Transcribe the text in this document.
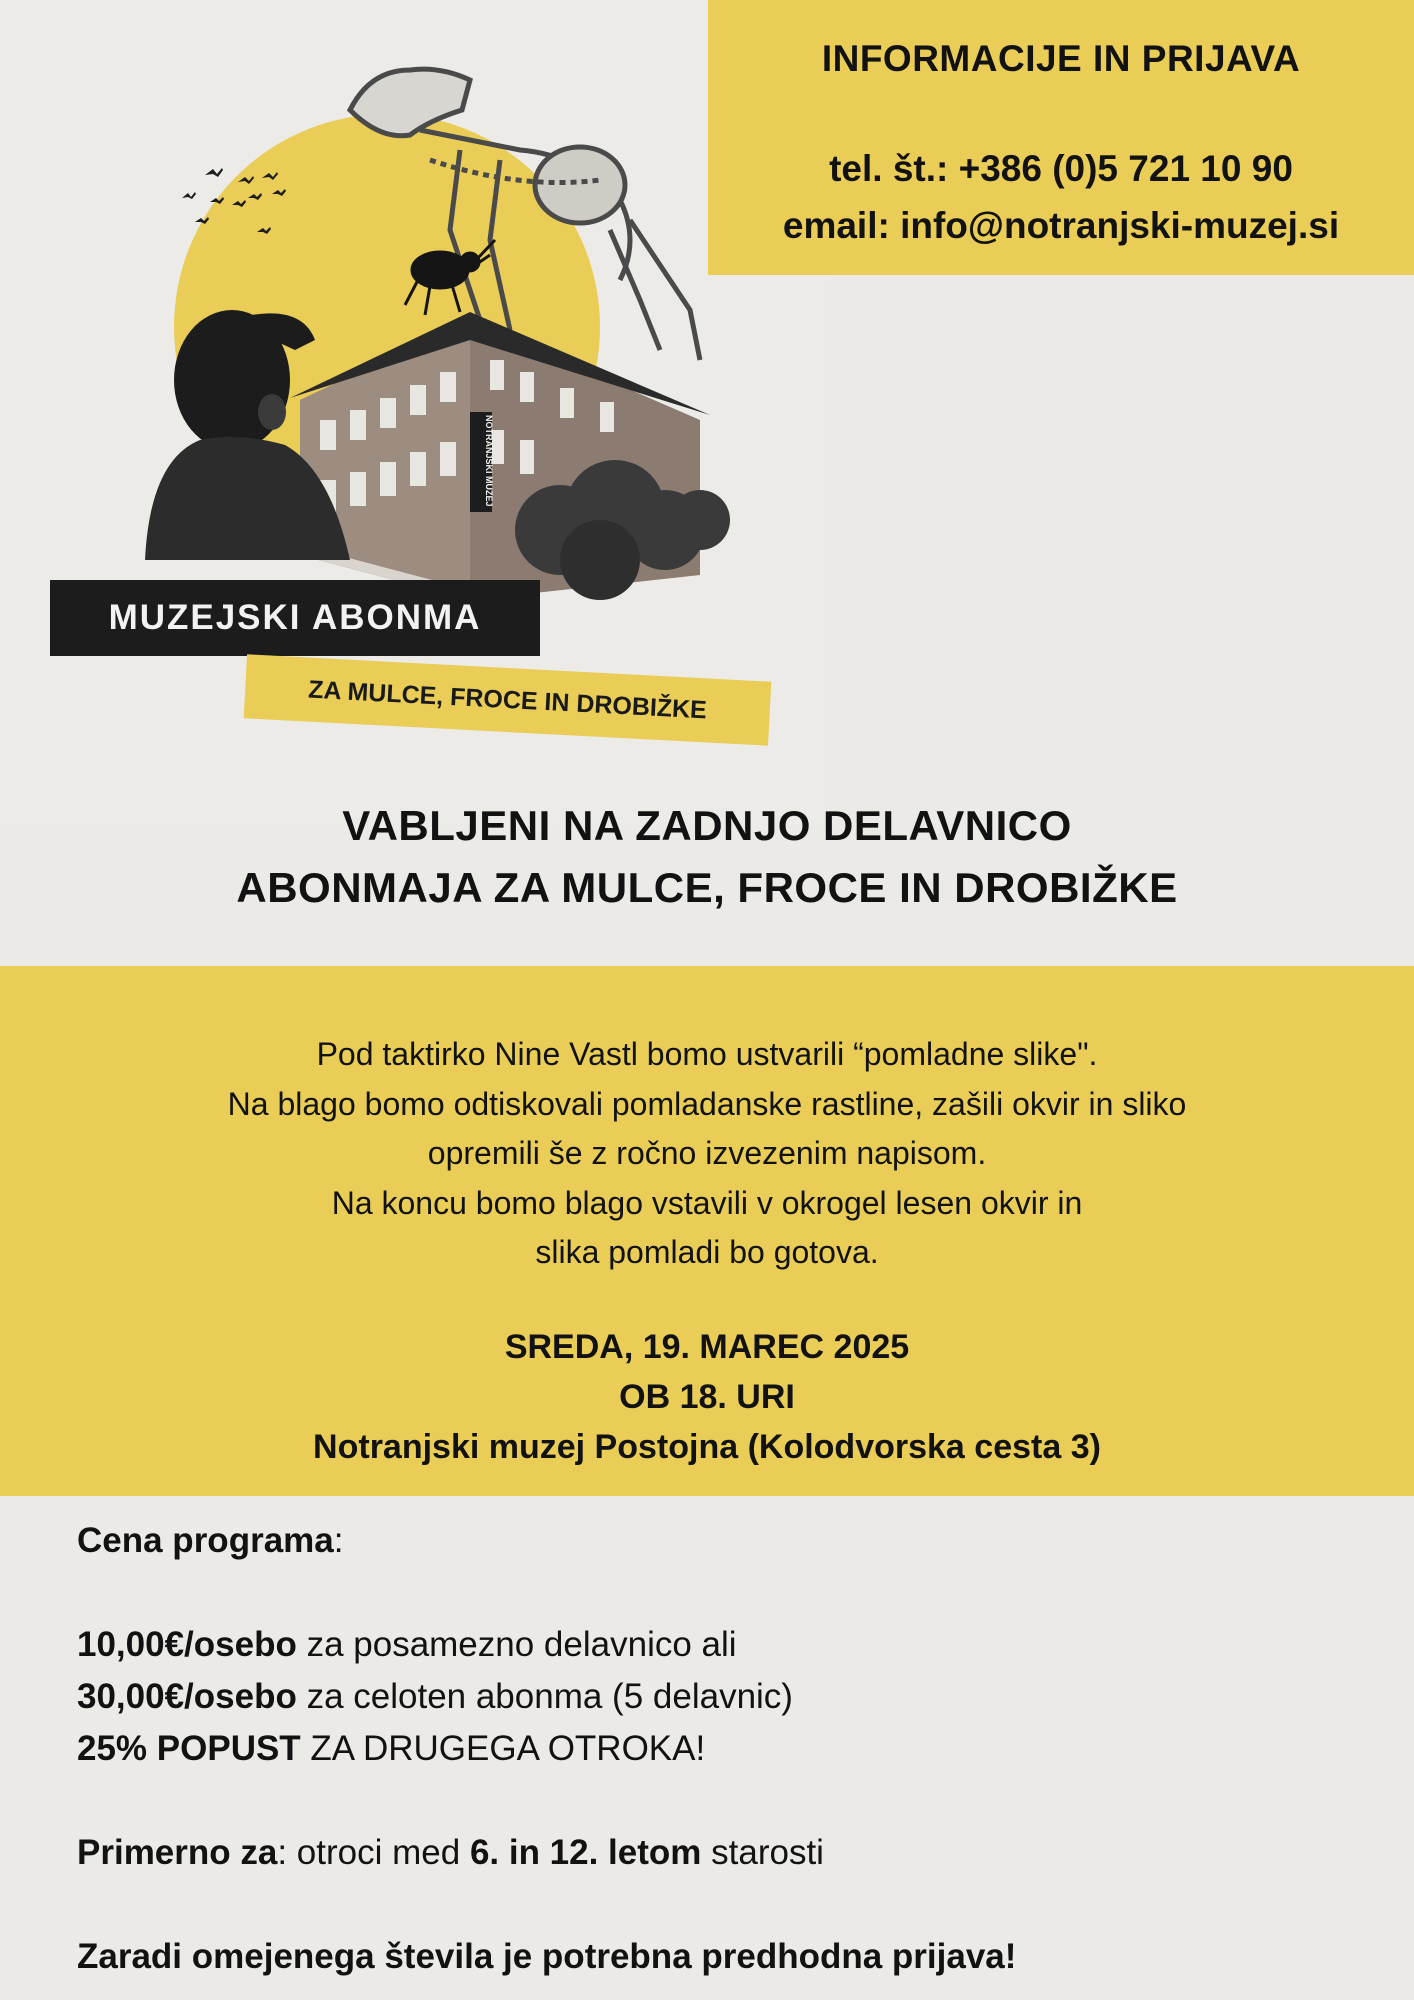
NOTRANJSKI MUZEJ
INFORMACIJE IN PRIJAVA
tel. št.: +386 (0)5 721 10 90
email: info@notranjski-muzej.si
MUZEJSKI ABONMA
ZA MULCE, FROCE IN DROBIŽKE
VABLJENI NA ZADNJO DELAVNICO
ABONMAJA ZA MULCE, FROCE IN DROBIŽKE
Pod taktirko Nine Vastl bomo ustvarili “pomladne slike".
Na blago bomo odtiskovali pomladanske rastline, zašili okvir in sliko
opremili še z ročno izvezenim napisom.
Na koncu bomo blago vstavili v okrogel lesen okvir in
slika pomladi bo gotova.
SREDA, 19. MAREC 2025
OB 18. URI
Notranjski muzej Postojna (Kolodvorska cesta 3)
Cena programa:
10,00€/osebo za posamezno delavnico ali
30,00€/osebo za celoten abonma (5 delavnic)
25% POPUST ZA DRUGEGA OTROKA!
Primerno za: otroci med 6. in 12. letom starosti
Zaradi omejenega števila je potrebna predhodna prijava!
